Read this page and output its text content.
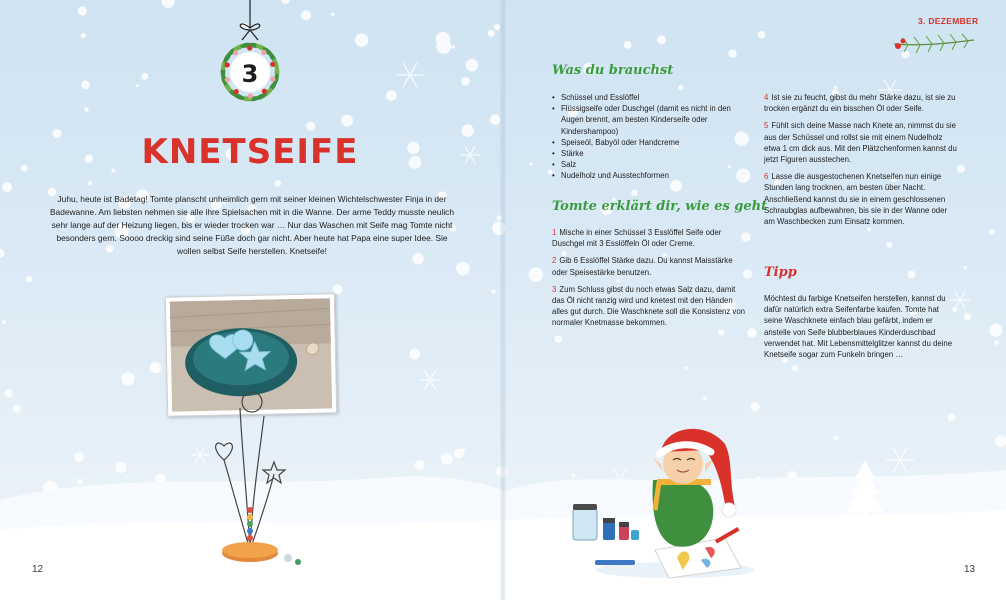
3
KNETSEIFE
Juhu, heute ist Badetag! Tomte planscht unheimlich gern mit seiner kleinen Wichtelschwester Finja in der Badewanne. Am liebsten nehmen sie alle ihre Spielsachen mit in die Wanne. Der arme Teddy musste neulich sehr lange auf der Heizung liegen, bis er wieder trocken war … Nur das Waschen mit Seife mag Tomte nicht besonders gern. Soooo dreckig sind seine Füße doch gar nicht. Aber heute hat Papa eine super Idee. Sie wollen selbst Seife herstellen. Knetseife!
12
3. DEZEMBER
Was du brauchst
• Schüssel und Esslöffel
• Flüssigseife oder Duschgel (damit es nicht in den Augen brennt, am besten Kinderseife oder Kindershampoo)
• Speiseöl, Babyöl oder Handcreme
• Stärke
• Salz
• Nudelholz und Ausstechformen
Tomte erklärt dir, wie es geht

1 Mische in einer Schüssel 3 Esslöffel Seife oder Duschgel mit 3 Esslöffeln Öl oder Creme.

2 Gib 6 Esslöffel Stärke dazu. Du kannst Maisstärke oder Speisestärke benutzen.

3 Zum Schluss gibst du noch etwas Salz dazu, damit das Öl nicht ranzig wird und knetest mit den Händen alles gut durch. Die Waschknete soll die Konsistenz von normaler Knetmasse bekommen.

4 Ist sie zu feucht, gibst du mehr Stärke dazu, ist sie zu trocken ergänzt du ein bisschen Öl oder Seife.

5 Fühlt sich deine Masse nach Knete an, nimmst du sie aus der Schüssel und rollst sie mit einem Nudelholz etwa 1 cm dick aus. Mit den Plätzchenformen kannst du jetzt Figuren ausstechen.

6 Lasse die ausgestochenen Knetseifen nun einige Stunden lang trocknen, am besten über Nacht. Anschließend kannst du sie in einem geschlossenen Schraubglas aufbewahren, bis sie in der Wanne oder am Waschbecken zum Einsatz kommen.

Tipp
Möchtest du farbige Knetseifen herstellen, kannst du dafür natürlich extra Seifenfarbe kaufen. Tomte hat seine Waschknete einfach blau gefärbt, indem er anstelle von Seife blubberblaues Kinderduschbad verwendet hat. Mit Lebensmittelglitzer kannst du deine Knetseife sogar zum Funkeln bringen …
13
